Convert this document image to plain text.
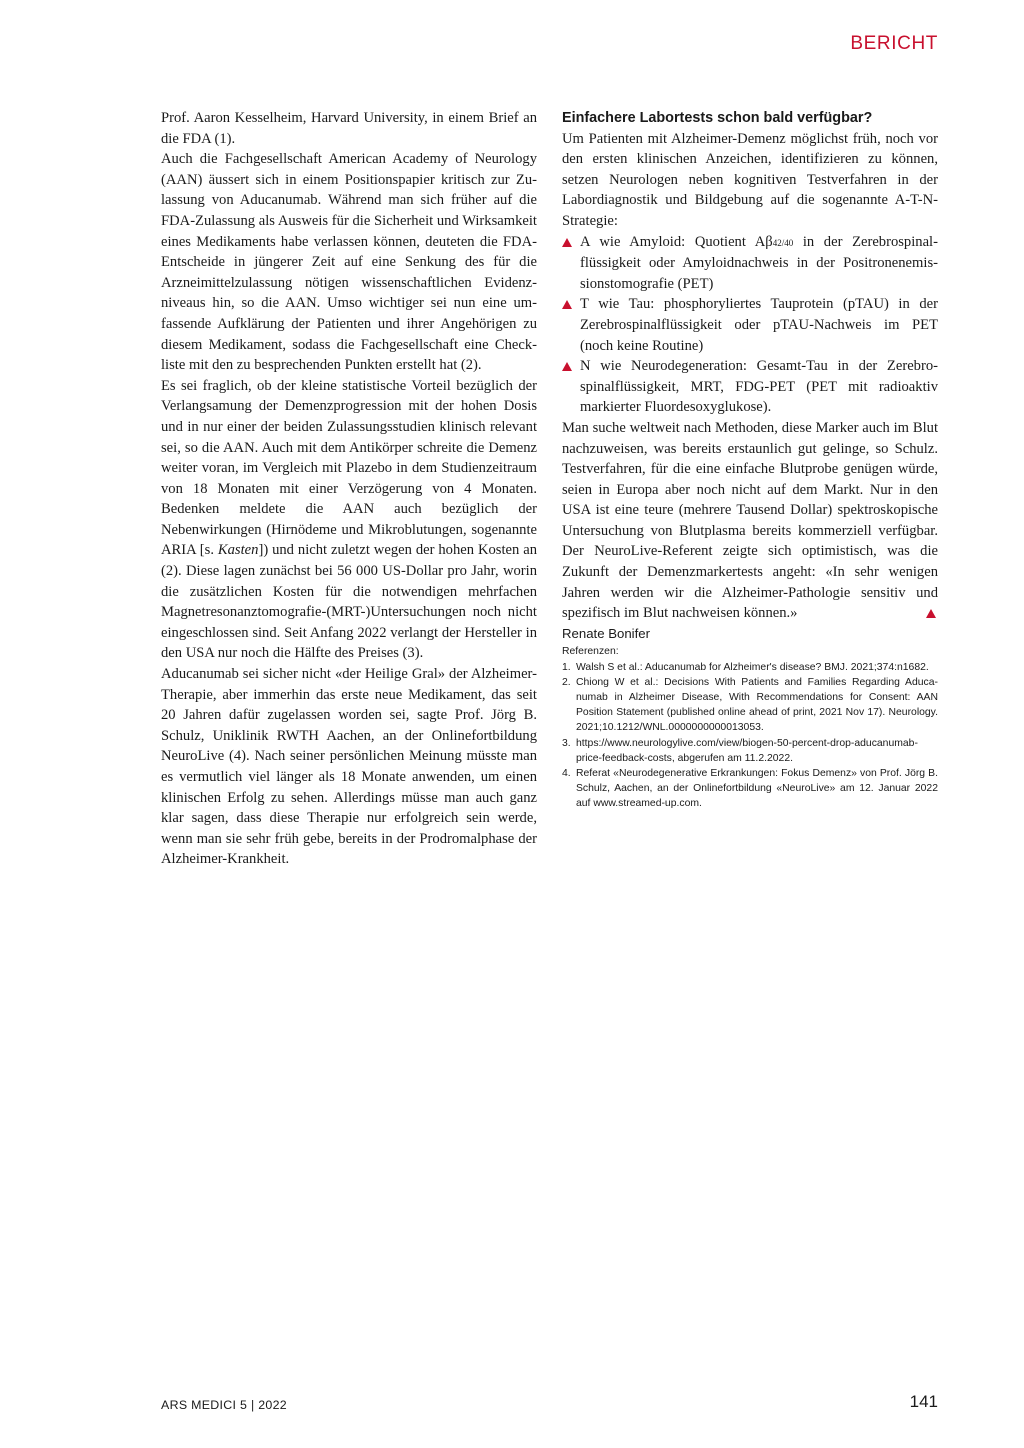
BERICHT

Prof. Aaron Kesselheim, Harvard University, in einem Brief an die FDA (1).

Auch die Fachgesellschaft American Academy of Neurology (AAN) äussert sich in einem Positionspapier kritisch zur Zulassung von Aducanumab. Während man sich früher auf die FDA-Zulassung als Ausweis für die Sicherheit und Wirksamkeit eines Medikaments habe verlassen können, deuteten die FDA-Entscheide in jüngerer Zeit auf eine Senkung des für die Arzneimittelzulassung nötigen wissenschaftlichen Evidenzniveaus hin, so die AAN. Umso wichtiger sei nun eine umfassende Aufklärung der Patienten und ihrer Angehörigen zu diesem Medikament, sodass die Fachgesellschaft eine Checkliste mit den zu besprechenden Punkten erstellt hat (2).

Es sei fraglich, ob der kleine statistische Vorteil bezüglich der Verlangsamung der Demenzprogression mit der hohen Dosis und in nur einer der beiden Zulassungsstudien klinisch relevant sei, so die AAN. Auch mit dem Antikörper schreite die Demenz weiter voran, im Vergleich mit Plazebo in dem Studienzeitraum von 18 Monaten mit einer Verzögerung von 4 Monaten. Bedenken meldete die AAN auch bezüglich der Nebenwirkungen (Hirnödeme und Mikroblutungen, sogenannte ARIA [s. Kasten]) und nicht zuletzt wegen der hohen Kosten an (2). Diese lagen zunächst bei 56 000 US-Dollar pro Jahr, worin die zusätzlichen Kosten für die notwendigen mehrfachen Magnetresonanztomografie-(MRT-)Untersuchungen noch nicht eingeschlossen sind. Seit Anfang 2022 verlangt der Hersteller in den USA nur noch die Hälfte des Preises (3).

Aducanumab sei sicher nicht «der Heilige Gral» der Alzheimer-Therapie, aber immerhin das erste neue Medikament, das seit 20 Jahren dafür zugelassen worden sei, sagte Prof. Jörg B. Schulz, Uniklinik RWTH Aachen, an der Onlinefortbildung NeuroLive (4). Nach seiner persönlichen Meinung müsste man es vermutlich viel länger als 18 Monate anwenden, um einen klinischen Erfolg zu sehen. Allerdings müsse man auch ganz klar sagen, dass diese Therapie nur erfolgreich sein werde, wenn man sie sehr früh gebe, bereits in der Prodromalphase der Alzheimer-Krankheit.

Einfachere Labortests schon bald verfügbar?

Um Patienten mit Alzheimer-Demenz möglichst früh, noch vor den ersten klinischen Anzeichen, identifizieren zu können, setzen Neurologen neben kognitiven Testverfahren in der Labordiagnostik und Bildgebung auf die sogenannte A-T-N-Strategie:

A wie Amyloid: Quotient Aβ42/40 in der Zerebrospinalflüssigkeit oder Amyloidnachweis in der Positronenemissionstomografie (PET)

T wie Tau: phosphoryliertes Tauprotein (pTAU) in der Zerebrospinalflüssigkeit oder pTAU-Nachweis im PET (noch keine Routine)

N wie Neurodegeneration: Gesamt-Tau in der Zerebrospinalflüssigkeit, MRT, FDG-PET (PET mit radioaktiv markierter Fluordesoxyglukose).

Man suche weltweit nach Methoden, diese Marker auch im Blut nachzuweisen, was bereits erstaunlich gut gelinge, so Schulz. Testverfahren, für die eine einfache Blutprobe genügen würde, seien in Europa aber noch nicht auf dem Markt. Nur in den USA ist eine teure (mehrere Tausend Dollar) spektroskopische Untersuchung von Blutplasma bereits kommerziell verfügbar. Der NeuroLive-Referent zeigte sich optimistisch, was die Zukunft der Demenzmarkertests angeht: «In sehr wenigen Jahren werden wir die Alzheimer-Pathologie sensitiv und spezifisch im Blut nachweisen können.»

Renate Bonifer

Referenzen:

1. Walsh S et al.: Aducanumab for Alzheimer's disease? BMJ. 2021;374:n1682.
2. Chiong W et al.: Decisions With Patients and Families Regarding Aducanumab in Alzheimer Disease, With Recommendations for Consent: AAN Position Statement (published online ahead of print, 2021 Nov 17). Neurology. 2021;10.1212/WNL.0000000000013053.
3. https://www.neurologylive.com/view/biogen-50-percent-drop-aducanumab-price-feedback-costs, abgerufen am 11.2.2022.
4. Referat «Neurodegenerative Erkrankungen: Fokus Demenz» von Prof. Jörg B. Schulz, Aachen, an der Onlinefortbildung «NeuroLive» am 12. Januar 2022 auf www.streamed-up.com.
ARS MEDICI 5 | 2022	141
